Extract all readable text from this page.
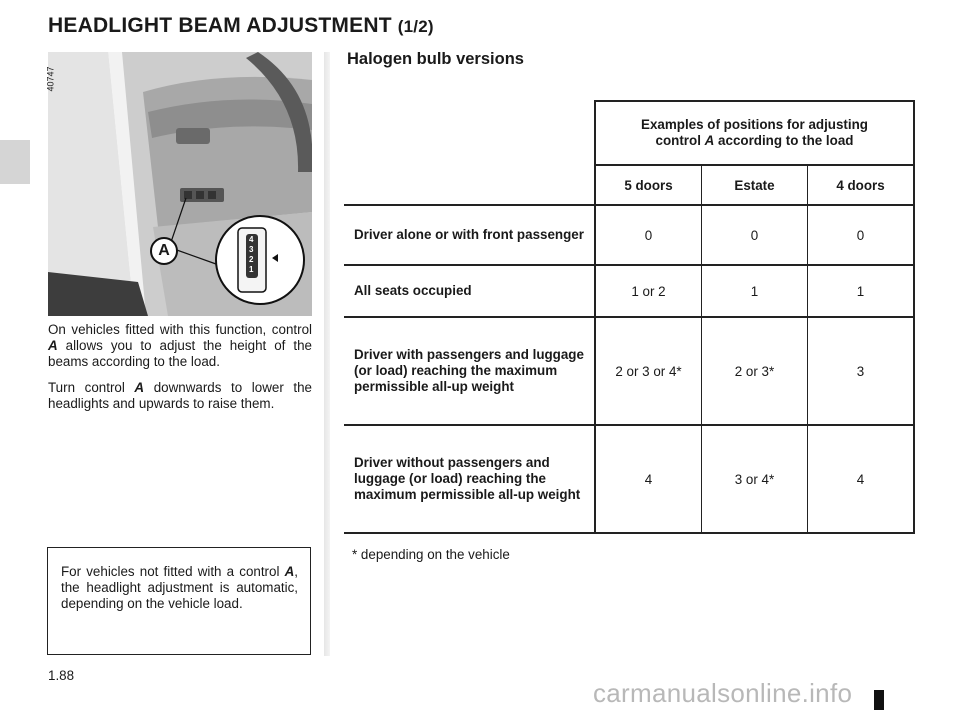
HEADLIGHT BEAM ADJUSTMENT (1/2)
4
3
2
1
40747
A

On vehicles fitted with this function, control A allows you to adjust the height of the beams according to the load.

Turn control A downwards to lower the headlights and upwards to raise them.

For vehicles not fitted with a control A, the headlight adjustment is automatic, depending on the vehicle load.
Halogen bulb versions

	Examples of positions for adjusting
control A according to the load		

	5 doors	Estate	4 doors
Driver alone or with front passenger	0	0	0
All seats occupied	1 or 2	1	1
Driver with passengers and luggage (or load) reaching the maximum permissible all-up weight	2 or 3 or 4*	2 or 3*	3
Driver without passengers and luggage (or load) reaching the maximum permissible all-up weight	4	3 or 4*	4
* depending on the vehicle
1.88
carmanualsonline.info
